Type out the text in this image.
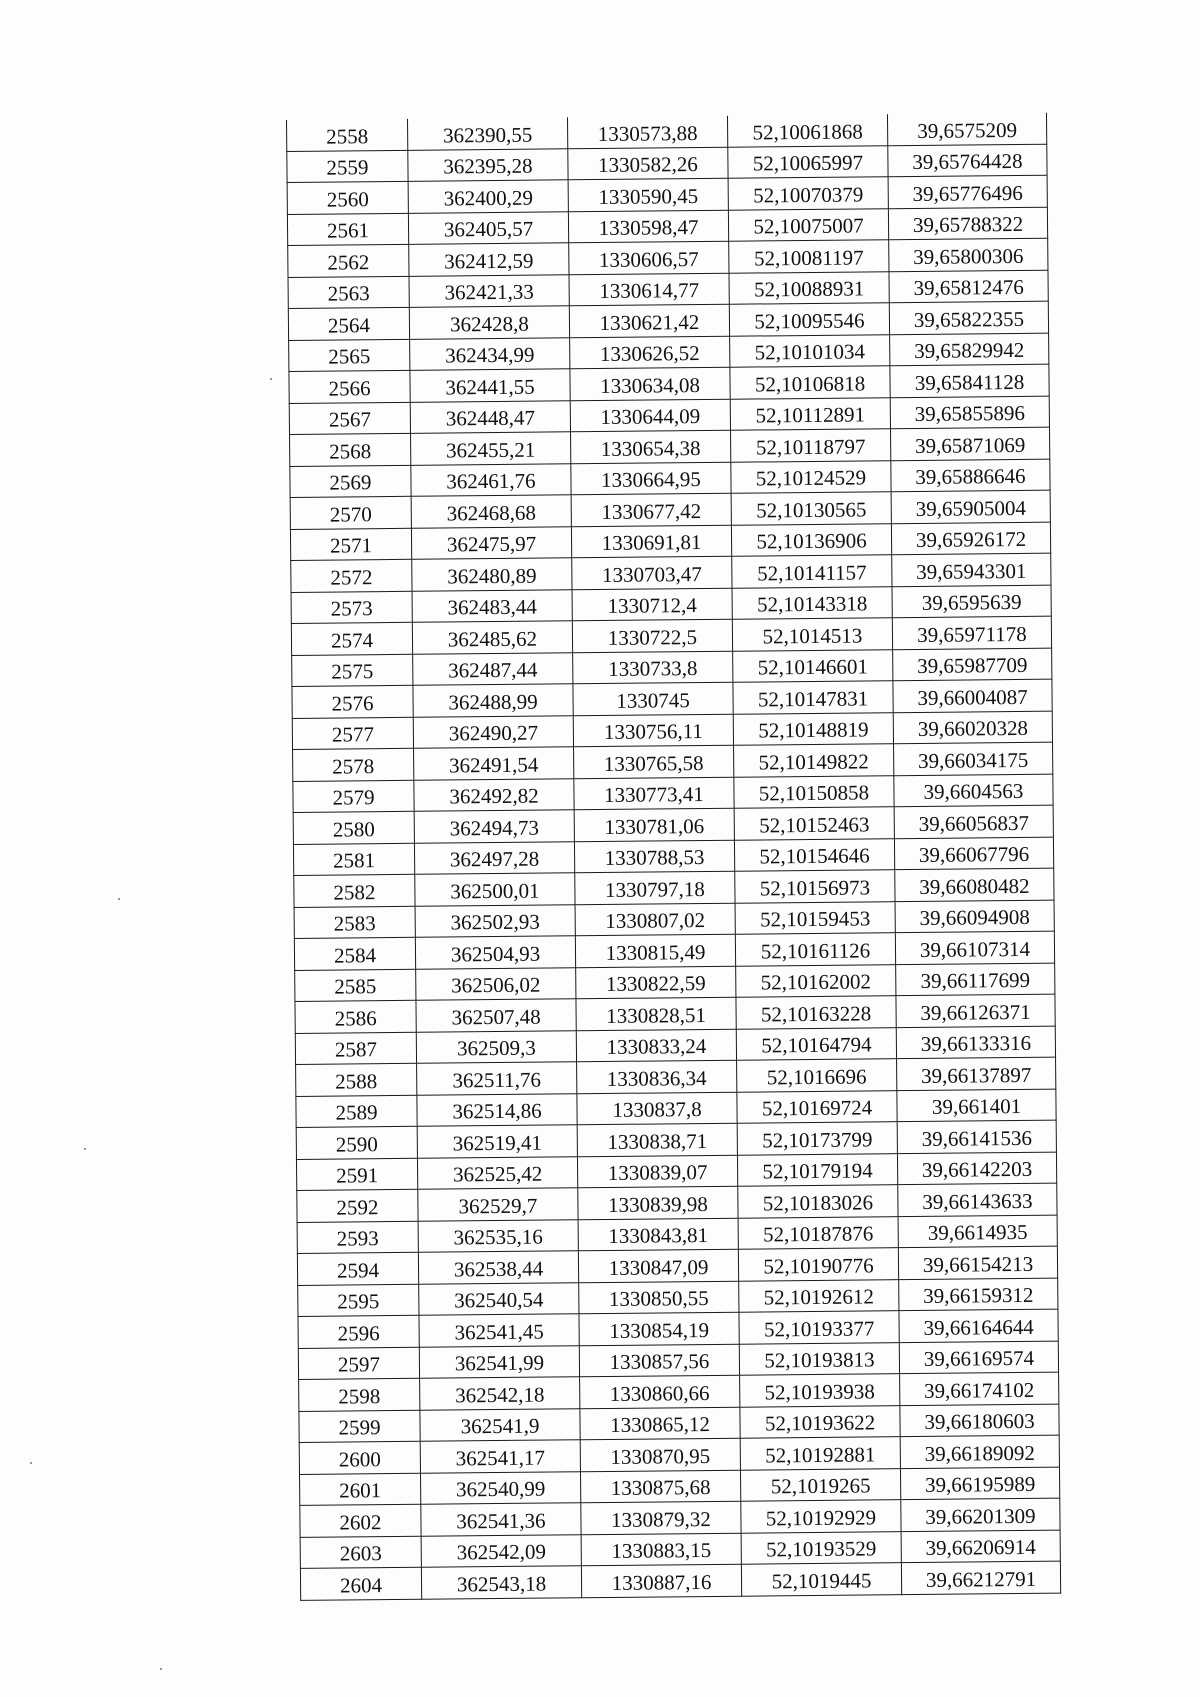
2558	362390,55	1330573,88	52,10061868	39,6575209
2559	362395,28	1330582,26	52,10065997	39,65764428
2560	362400,29	1330590,45	52,10070379	39,65776496
2561	362405,57	1330598,47	52,10075007	39,65788322
2562	362412,59	1330606,57	52,10081197	39,65800306
2563	362421,33	1330614,77	52,10088931	39,65812476
2564	362428,8	1330621,42	52,10095546	39,65822355
2565	362434,99	1330626,52	52,10101034	39,65829942
2566	362441,55	1330634,08	52,10106818	39,65841128
2567	362448,47	1330644,09	52,10112891	39,65855896
2568	362455,21	1330654,38	52,10118797	39,65871069
2569	362461,76	1330664,95	52,10124529	39,65886646
2570	362468,68	1330677,42	52,10130565	39,65905004
2571	362475,97	1330691,81	52,10136906	39,65926172
2572	362480,89	1330703,47	52,10141157	39,65943301
2573	362483,44	1330712,4	52,10143318	39,6595639
2574	362485,62	1330722,5	52,1014513	39,65971178
2575	362487,44	1330733,8	52,10146601	39,65987709
2576	362488,99	1330745	52,10147831	39,66004087
2577	362490,27	1330756,11	52,10148819	39,66020328
2578	362491,54	1330765,58	52,10149822	39,66034175
2579	362492,82	1330773,41	52,10150858	39,6604563
2580	362494,73	1330781,06	52,10152463	39,66056837
2581	362497,28	1330788,53	52,10154646	39,66067796
2582	362500,01	1330797,18	52,10156973	39,66080482
2583	362502,93	1330807,02	52,10159453	39,66094908
2584	362504,93	1330815,49	52,10161126	39,66107314
2585	362506,02	1330822,59	52,10162002	39,66117699
2586	362507,48	1330828,51	52,10163228	39,66126371
2587	362509,3	1330833,24	52,10164794	39,66133316
2588	362511,76	1330836,34	52,1016696	39,66137897
2589	362514,86	1330837,8	52,10169724	39,661401
2590	362519,41	1330838,71	52,10173799	39,66141536
2591	362525,42	1330839,07	52,10179194	39,66142203
2592	362529,7	1330839,98	52,10183026	39,66143633
2593	362535,16	1330843,81	52,10187876	39,6614935
2594	362538,44	1330847,09	52,10190776	39,66154213
2595	362540,54	1330850,55	52,10192612	39,66159312
2596	362541,45	1330854,19	52,10193377	39,66164644
2597	362541,99	1330857,56	52,10193813	39,66169574
2598	362542,18	1330860,66	52,10193938	39,66174102
2599	362541,9	1330865,12	52,10193622	39,66180603
2600	362541,17	1330870,95	52,10192881	39,66189092
2601	362540,99	1330875,68	52,1019265	39,66195989
2602	362541,36	1330879,32	52,10192929	39,66201309
2603	362542,09	1330883,15	52,10193529	39,66206914
2604	362543,18	1330887,16	52,1019445	39,66212791
